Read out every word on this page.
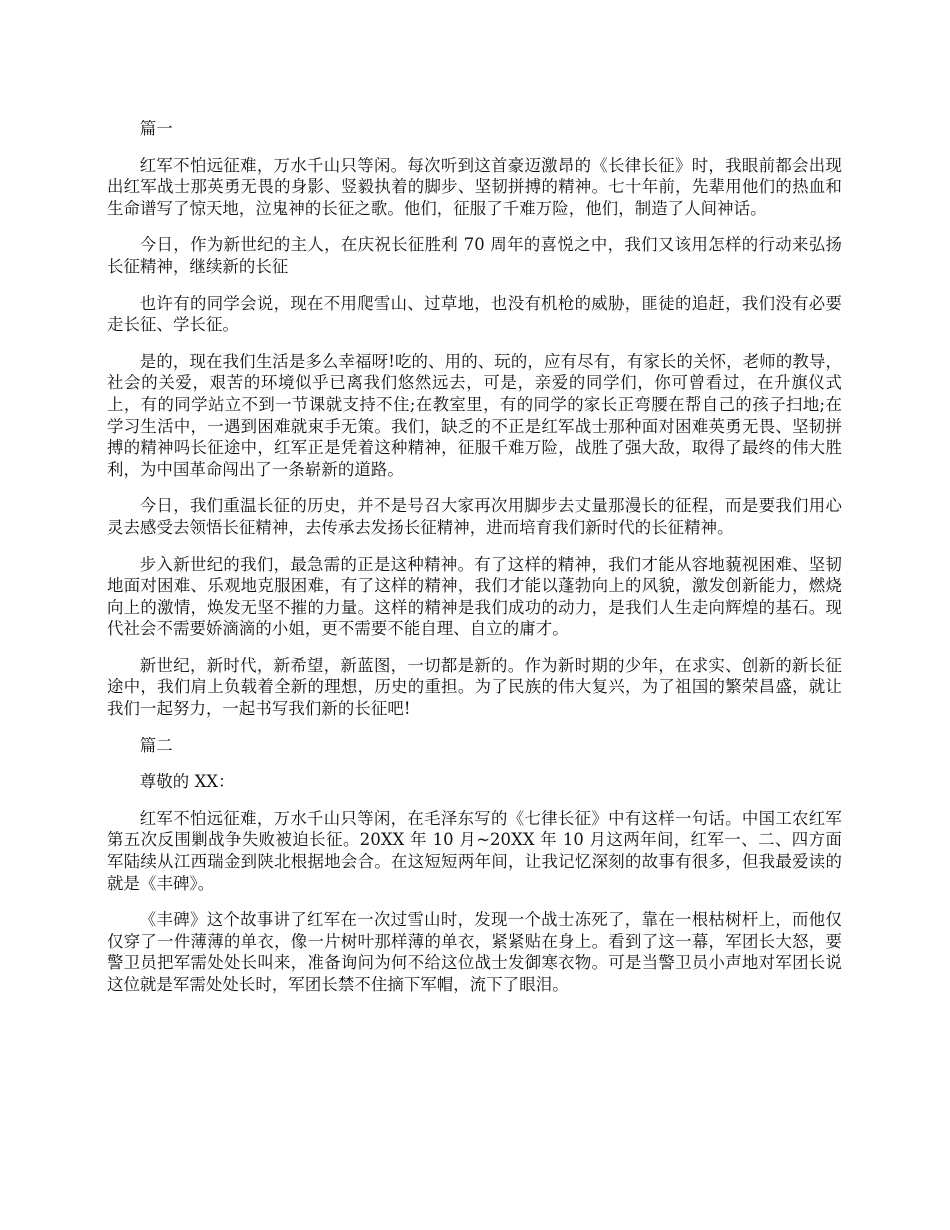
篇一

红军不怕远征难，万水千山只等闲。每次听到这首豪迈激昂的《长律长征》时，我眼前都会出现出红军战士那英勇无畏的身影、竖毅执着的脚步、坚韧拼搏的精神。七十年前，先辈用他们的热血和生命谱写了惊天地，泣鬼神的长征之歌。他们，征服了千难万险，他们，制造了人间神话。

今日，作为新世纪的主人，在庆祝长征胜利 70 周年的喜悦之中，我们又该用怎样的行动来弘扬长征精神，继续新的长征

也许有的同学会说，现在不用爬雪山、过草地，也没有机枪的威胁，匪徒的追赶，我们没有必要走长征、学长征。

是的，现在我们生活是多么幸福呀!吃的、用的、玩的，应有尽有，有家长的关怀，老师的教导，社会的关爱，艰苦的环境似乎已离我们悠然远去，可是，亲爱的同学们，你可曾看过，在升旗仪式上，有的同学站立不到一节课就支持不住;在教室里，有的同学的家长正弯腰在帮自己的孩子扫地;在学习生活中，一遇到困难就束手无策。我们，缺乏的不正是红军战士那种面对困难英勇无畏、坚韧拼搏的精神吗长征途中，红军正是凭着这种精神，征服千难万险，战胜了强大敌，取得了最终的伟大胜利，为中国革命闯出了一条崭新的道路。

今日，我们重温长征的历史，并不是号召大家再次用脚步去丈量那漫长的征程，而是要我们用心灵去感受去领悟长征精神，去传承去发扬长征精神，进而培育我们新时代的长征精神。

步入新世纪的我们，最急需的正是这种精神。有了这样的精神，我们才能从容地藐视困难、坚韧地面对困难、乐观地克服困难，有了这样的精神，我们才能以蓬勃向上的风貌，激发创新能力，燃烧向上的激情，焕发无坚不摧的力量。这样的精神是我们成功的动力，是我们人生走向辉煌的基石。现代社会不需要娇滴滴的小姐，更不需要不能自理、自立的庸才。

新世纪，新时代，新希望，新蓝图，一切都是新的。作为新时期的少年，在求实、创新的新长征途中，我们肩上负载着全新的理想，历史的重担。为了民族的伟大复兴，为了祖国的繁荣昌盛，就让我们一起努力，一起书写我们新的长征吧!

篇二

尊敬的 XX：

红军不怕远征难，万水千山只等闲，在毛泽东写的《七律长征》中有这样一句话。中国工农红军第五次反围剿战争失败被迫长征。20XX 年 10 月~20XX 年 10 月这两年间，红军一、二、四方面军陆续从江西瑞金到陕北根据地会合。在这短短两年间，让我记忆深刻的故事有很多，但我最爱读的就是《丰碑》。

《丰碑》这个故事讲了红军在一次过雪山时，发现一个战士冻死了，靠在一根枯树杆上，而他仅仅穿了一件薄薄的单衣，像一片树叶那样薄的单衣，紧紧贴在身上。看到了这一幕，军团长大怒，要警卫员把军需处处长叫来，准备询问为何不给这位战士发御寒衣物。可是当警卫员小声地对军团长说这位就是军需处处长时，军团长禁不住摘下军帽，流下了眼泪。
